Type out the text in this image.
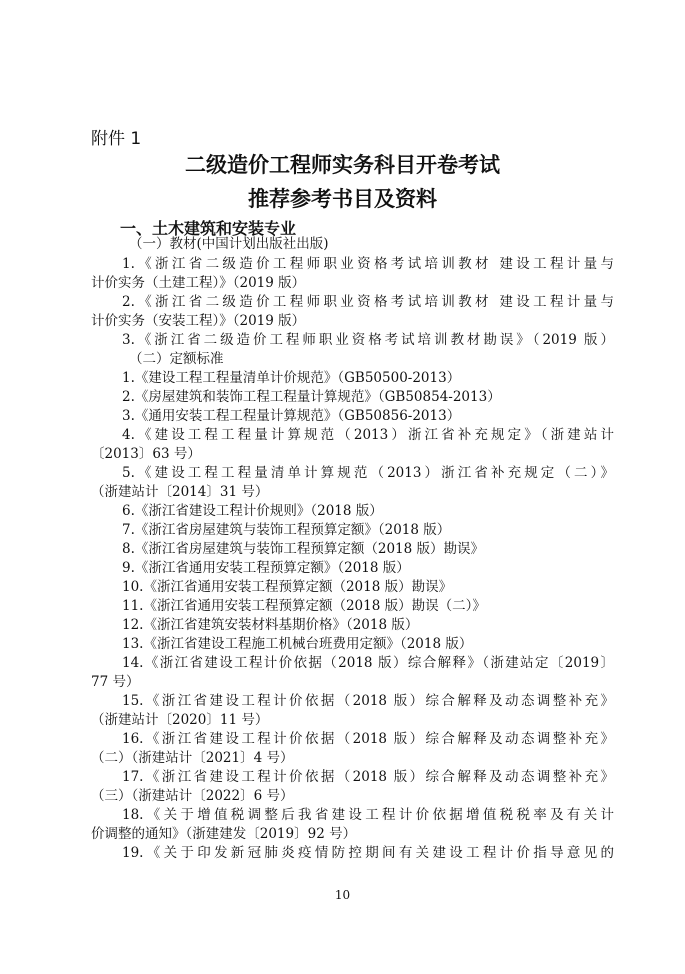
附件 1
二级造价工程师实务科目开卷考试
推荐参考书目及资料
一、土木建筑和安装专业
（一）教材(中国计划出版社出版)
1.《浙江省二级造价工程师职业资格考试培训教材 建设工程计量与
计价实务（土建工程）》（2019 版）
2.《浙江省二级造价工程师职业资格考试培训教材 建设工程计量与
计价实务（安装工程）》（2019 版）
3.《浙江省二级造价工程师职业资格考试培训教材勘误》（2019 版）
（二）定额标准
1.《建设工程工程量清单计价规范》（GB50500-2013）
2.《房屋建筑和装饰工程工程量计算规范》（GB50854-2013）
3.《通用安装工程工程量计算规范》（GB50856-2013）
4.《建设工程工程量计算规范（2013）浙江省补充规定》（浙建站计
〔2013〕63 号）
5.《建设工程工程量清单计算规范（2013）浙江省补充规定（二）》
（浙建站计〔2014〕31 号）
6.《浙江省建设工程计价规则》（2018 版）
7.《浙江省房屋建筑与装饰工程预算定额》（2018 版）
8.《浙江省房屋建筑与装饰工程预算定额（2018 版）勘误》
9.《浙江省通用安装工程预算定额》（2018 版）
10.《浙江省通用安装工程预算定额（2018 版）勘误》
11.《浙江省通用安装工程预算定额（2018 版）勘误（二）》
12.《浙江省建筑安装材料基期价格》（2018 版）
13.《浙江省建设工程施工机械台班费用定额》（2018 版）
14.《浙江省建设工程计价依据（2018 版）综合解释》（浙建站定〔2019〕
77 号）
15.《浙江省建设工程计价依据（2018 版）综合解释及动态调整补充》
（浙建站计〔2020〕11 号）
16.《浙江省建设工程计价依据（2018 版）综合解释及动态调整补充》
（二）（浙建站计〔2021〕4 号）
17.《浙江省建设工程计价依据（2018 版）综合解释及动态调整补充》
（三）（浙建站计〔2022〕6 号）
18.《关于增值税调整后我省建设工程计价依据增值税税率及有关计
价调整的通知》（浙建建发〔2019〕92 号）
19.《关于印发新冠肺炎疫情防控期间有关建设工程计价指导意见的
10
